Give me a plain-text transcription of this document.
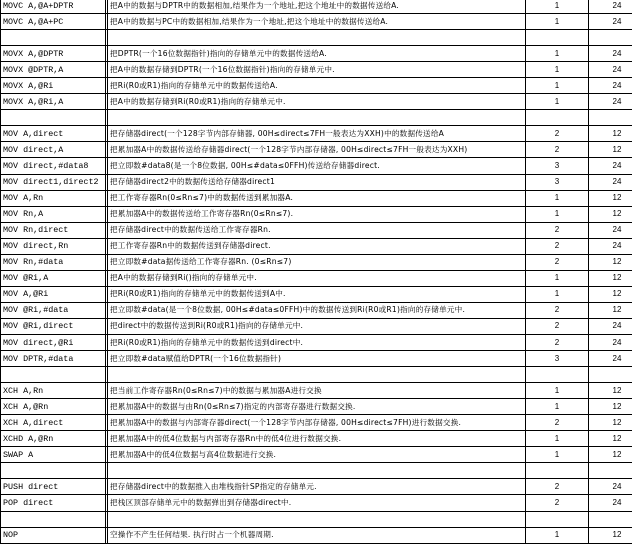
MOVC A,@A+DPTR		把A中的数据与DPTR中的数据相加,结果作为一个地址,把这个地址中的数据传送给A.	1	24
MOVC A,@A+PC		把A中的数据与PC中的数据相加,结果作为一个地址,把这个地址中的数据传送给A.	1	24

MOVX A,@DPTR		把DPTR(一个16位数据指针)指向的存储单元中的数据传送给A.	1	24
MOVX @DPTR,A		把A中的数据存储到DPTR(一个16位数据指针)指向的存储单元中.	1	24
MOVX A,@Ri		把Ri(R0或R1)指向的存储单元中的数据传送给A.	1	24
MOVX A,@Ri,A		把A中的数据存储到Ri(R0或R1)指向的存储单元中.	1	24

MOV A,direct		把存储器direct(一个128字节内部存储器, 00H≤direct≤7FH一般表达为XXH)中的数据传送给A	2	12
MOV direct,A		把累加器A中的数据传送给存储器direct(一个128字节内部存储器, 00H≤direct≤7FH一般表达为XXH)	2	12
MOV direct,#data8		把立即数#data8(是一个8位数据, 00H≤#data≤0FFH)传送给存储器direct.	3	24
MOV direct1,direct2		把存储器direct2中的数据传送给存储器direct1	3	24
MOV A,Rn		把工作寄存器Rn(0≤Rn≤7)中的数据传送到累加器A.	1	12
MOV Rn,A		把累加器A中的数据传送给工作寄存器Rn(0≤Rn≤7).	1	12
MOV Rn,direct		把存储器direct中的数据传送给工作寄存器Rn.	2	24
MOV direct,Rn		把工作寄存器Rn中的数据传送到存储器direct.	2	24
MOV Rn,#data		把立即数#data据传送给工作寄存器Rn. (0≤Rn≤7)	2	12
MOV @Ri,A		把A中的数据存储到Ri()指向的存储单元中.	1	12
MOV A,@Ri		把Ri(R0或R1)指向的存储单元中的数据传送到A中.	1	12
MOV @Ri,#data		把立即数#data(是一个8位数据, 00H≤#data≤0FFH)中的数据传送到Ri(R0或R1)指向的存储单元中.	2	12
MOV @Ri,direct		把direct中的数据传送到Ri(R0或R1)指向的存储单元中.	2	24
MOV direct,@Ri		把Ri(R0或R1)指向的存储单元中的数据传送到direct中.	2	24
MOV DPTR,#data		把立即数#data赋值给DPTR(一个16位数据指针)	3	24

XCH A,Rn		把当前工作寄存器Rn(0≤Rn≤7)中的数据与累加器A进行交换	1	12
XCH A,@Rn		把累加器A中的数据与由Rn(0≤Rn≤7)指定的内部寄存器进行数据交换.	1	12
XCH A,direct		把累加器A中的数据与内部寄存器direct(一个128字节内部存储器, 00H≤direct≤7FH)进行数据交换.	2	12
XCHD A,@Rn		把累加器A中的低4位数据与内部寄存器Rn中的低4位进行数据交换.	1	12
SWAP A		把累加器A中的低4位数据与高4位数据进行交换.	1	12

PUSH direct		把存储器direct中的数据推入由堆栈指针SP指定的存储单元.	2	24
POP direct		把栈区顶部存储单元中的数据弹出到存储器direct中.	2	24

NOP		空操作不产生任何结果. 执行时占一个机器周期.	1	12
